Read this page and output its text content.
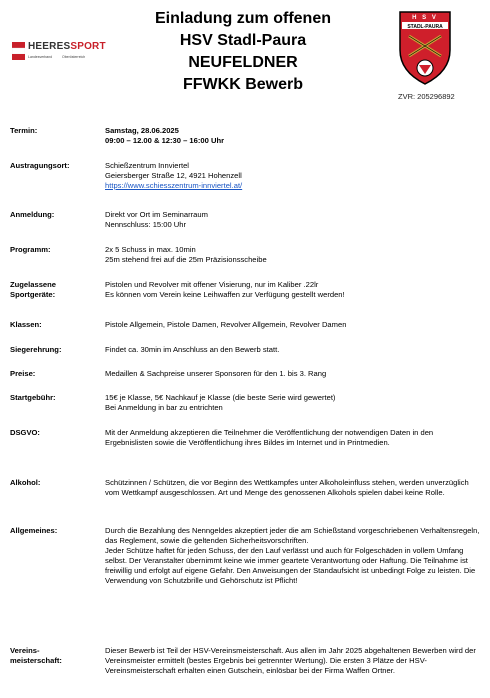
HEERESSPORT
Landesverband	Oberösterreich
Einladung zum offenen
HSV Stadl-Paura
NEUFELDNER
FFWKK Bewerb
H S V
STADL-PAURA
ZVR: 205296892
Termin:	Samstag, 28.06.2025
09:00 – 12.00 & 12:30 – 16:00 Uhr
Austragungsort:	Schießzentrum Innviertel
Geiersberger Straße 12, 4921 Hohenzell
https://www.schiesszentrum-innviertel.at/
Anmeldung:	Direkt vor Ort im Seminarraum
Nennschluss: 15:00 Uhr
Programm:	2x 5 Schuss in max. 10min
25m stehend frei auf die 25m Präzisionsscheibe
Zugelassene
Sportgeräte:
Pistolen und Revolver mit offener Visierung, nur im Kaliber .22lr
Es können vom Verein keine Leihwaffen zur Verfügung gestellt werden!
Klassen:	Pistole Allgemein, Pistole Damen, Revolver Allgemein, Revolver Damen
Siegerehrung:	Findet ca. 30min im Anschluss an den Bewerb statt.
Preise:	Medaillen & Sachpreise unserer Sponsoren für den 1. bis 3. Rang
Startgebühr:	15€ je Klasse, 5€ Nachkauf je Klasse (die beste Serie wird gewertet)
Bei Anmeldung in bar zu entrichten
DSGVO:	Mit der Anmeldung akzeptieren die Teilnehmer die Veröffentlichung der notwendigen Daten in den Ergebnislisten sowie die Veröffentlichung ihres Bildes im Internet und in Printmedien.
Alkohol:	Schützinnen / Schützen, die vor Beginn des Wettkampfes unter Alkoholeinfluss stehen, werden unverzüglich vom Wettkampf ausgeschlossen. Art und Menge des genossenen Alkohols spielen dabei keine Rolle.
Allgemeines:	Durch die Bezahlung des Nenngeldes akzeptiert jeder die am Schießstand vorgeschriebenen Verhaltensregeln, das Reglement, sowie die geltenden Sicherheitsvorschriften.
Jeder Schütze haftet für jeden Schuss, der den Lauf verlässt und auch für Folgeschäden in vollem Umfang selbst. Der Veranstalter übernimmt keine wie immer geartete Verantwortung oder Haftung. Die Teilnahme ist freiwillig und erfolgt auf eigene Gefahr. Den Anweisungen der Standaufsicht ist unbedingt Folge zu leisten. Die Verwendung von Schutzbrille und Gehörschutz ist Pflicht!
Vereins-
meisterschaft:
Dieser Bewerb ist Teil der HSV-Vereinsmeisterschaft. Aus allen im Jahr 2025 abgehaltenen Bewerben wird der Vereinsmeister ermittelt (bestes Ergebnis bei getrennter Wertung). Die ersten 3 Plätze der HSV-Vereinsmeisterschaft erhalten einen Gutschein, einlösbar bei der Firma Waffen Ortner.
